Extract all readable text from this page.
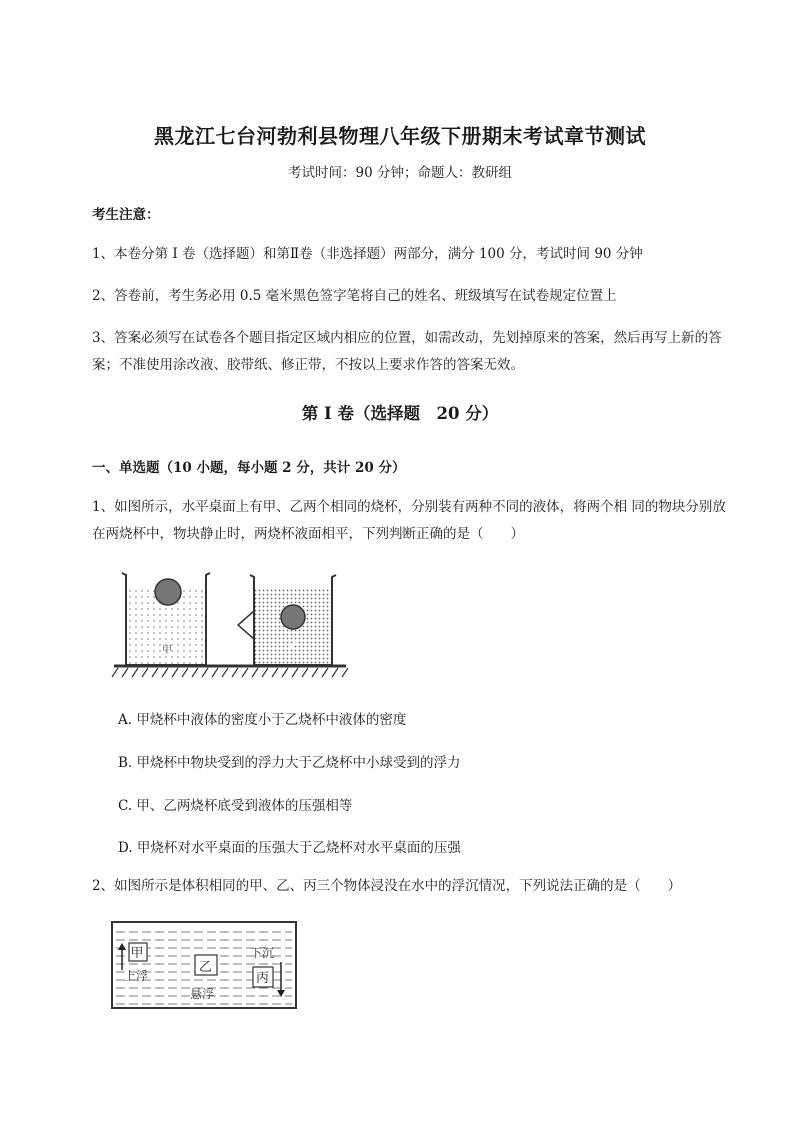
黑龙江七台河勃利县物理八年级下册期末考试章节测试
考试时间：90 分钟；命题人：教研组
考生注意：
1、本卷分第 I 卷（选择题）和第Ⅱ卷（非选择题）两部分，满分 100 分，考试时间 90 分钟
2、答卷前，考生务必用 0.5 毫米黑色签字笔将自己的姓名、班级填写在试卷规定位置上
3、答案必须写在试卷各个题目指定区域内相应的位置，如需改动，先划掉原来的答案，然后再写上新的答案；不准使用涂改液、胶带纸、修正带，不按以上要求作答的答案无效。
第 I 卷（选择题　20 分）
一、单选题（10 小题，每小题 2 分，共计 20 分）
1、如图所示，水平桌面上有甲、乙两个相同的烧杯，分别装有两种不同的液体，将两个相 同的物块分别放在两烧杯中，物块静止时，两烧杯液面相平，下列判断正确的是（　　）
甲
A. 甲烧杯中液体的密度小于乙烧杯中液体的密度
B. 甲烧杯中物块受到的浮力大于乙烧杯中小球受到的浮力
C. 甲、乙两烧杯底受到液体的压强相等
D. 甲烧杯对水平桌面的压强大于乙烧杯对水平桌面的压强
2、如图所示是体积相同的甲、乙、丙三个物体浸没在水中的浮沉情况，下列说法正确的是（　　）
甲
上浮
乙
悬浮
下沉
丙
